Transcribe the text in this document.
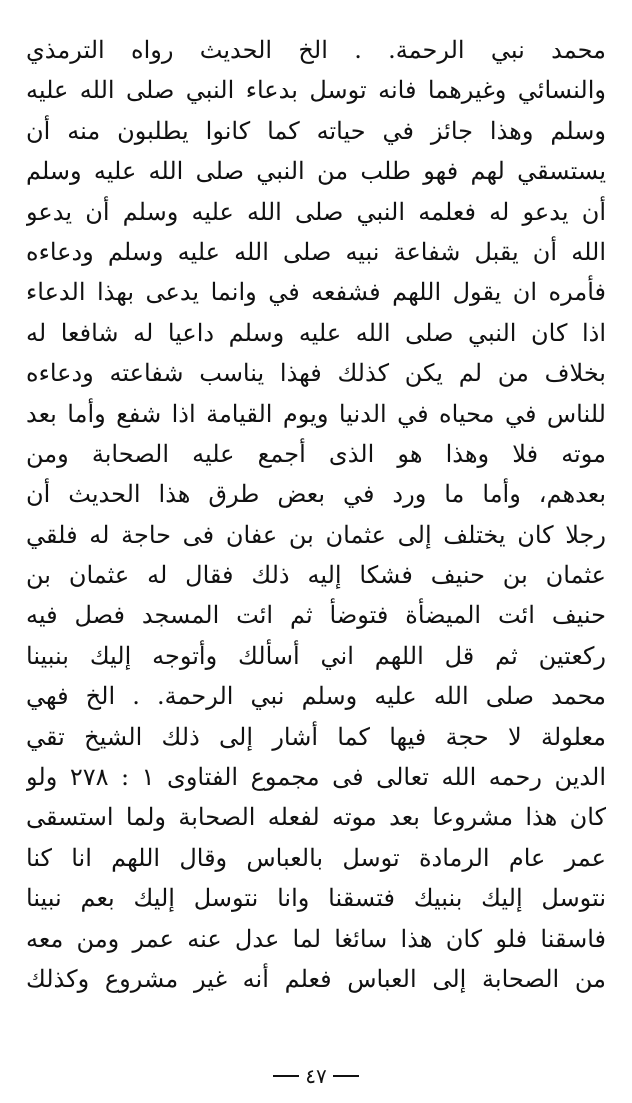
محمد نبي الرحمة. . الخ الحديث رواه الترمذي
والنسائي وغيرهما فانه توسل بدعاء النبي صلى الله عليه
وسلم وهذا جائز في حياته كما كانوا يطلبون منه أن
يستسقي لهم فهو طلب من النبي صلى الله عليه وسلم
أن يدعو له فعلمه النبي صلى الله عليه وسلم أن يدعو
الله أن يقبل شفاعة نبيه صلى الله عليه وسلم ودعاءه
فأمره ان يقول اللهم فشفعه في وانما يدعى بهذا الدعاء
اذا كان النبي صلى الله عليه وسلم داعيا له شافعا له
بخلاف من لم يكن كذلك فهذا يناسب شفاعته ودعاءه
للناس في محياه في الدنيا ويوم القيامة اذا شفع وأما بعد
موته فلا وهذا هو الذى أجمع عليه الصحابة ومن
بعدهم، وأما ما ورد في بعض طرق هذا الحديث أن
رجلا كان يختلف إلى عثمان بن عفان فى حاجة له فلقي
عثمان بن حنيف فشكا إليه ذلك فقال له عثمان بن
حنيف ائت الميضأة فتوضأ ثم ائت المسجد فصل فيه
ركعتين ثم قل اللهم اني أسألك وأتوجه إليك بنبينا
محمد صلى الله عليه وسلم نبي الرحمة. . الخ فهي
معلولة لا حجة فيها كما أشار إلى ذلك الشيخ تقي
الدين رحمه الله تعالى فى مجموع الفتاوى ١ : ٢٧٨ ولو
كان هذا مشروعا بعد موته لفعله الصحابة ولما استسقى
عمر عام الرمادة توسل بالعباس وقال اللهم انا كنا
نتوسل إليك بنبيك فتسقنا وانا نتوسل إليك بعم نبينا
فاسقنا فلو كان هذا سائغا لما عدل عنه عمر ومن معه
من الصحابة إلى العباس فعلم أنه غير مشروع وكذلك
٤٧
